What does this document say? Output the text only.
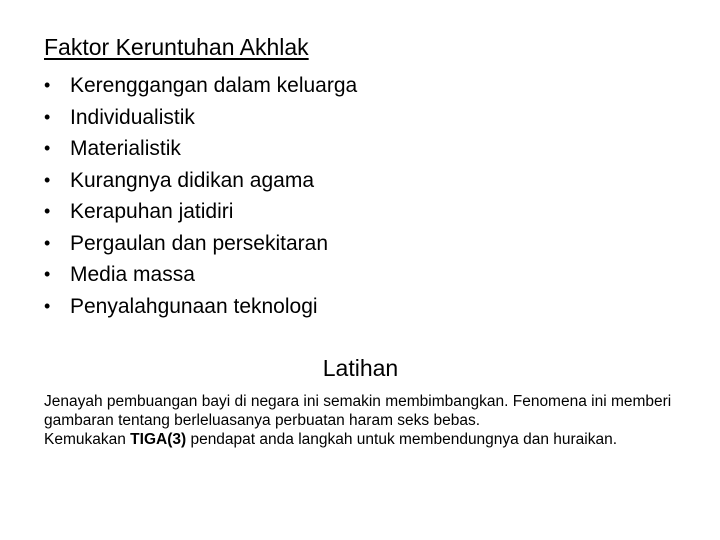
Faktor Keruntuhan Akhlak
• Kerenggangan dalam keluarga
• Individualistik
• Materialistik
• Kurangnya didikan agama
• Kerapuhan jatidiri
• Pergaulan dan persekitaran
• Media massa
• Penyalahgunaan teknologi
Latihan

Jenayah pembuangan bayi di negara ini semakin membimbangkan. Fenomena ini memberi gambaran tentang berleluasanya perbuatan haram seks bebas.

Kemukakan TIGA(3) pendapat anda langkah untuk membendungnya dan huraikan.
